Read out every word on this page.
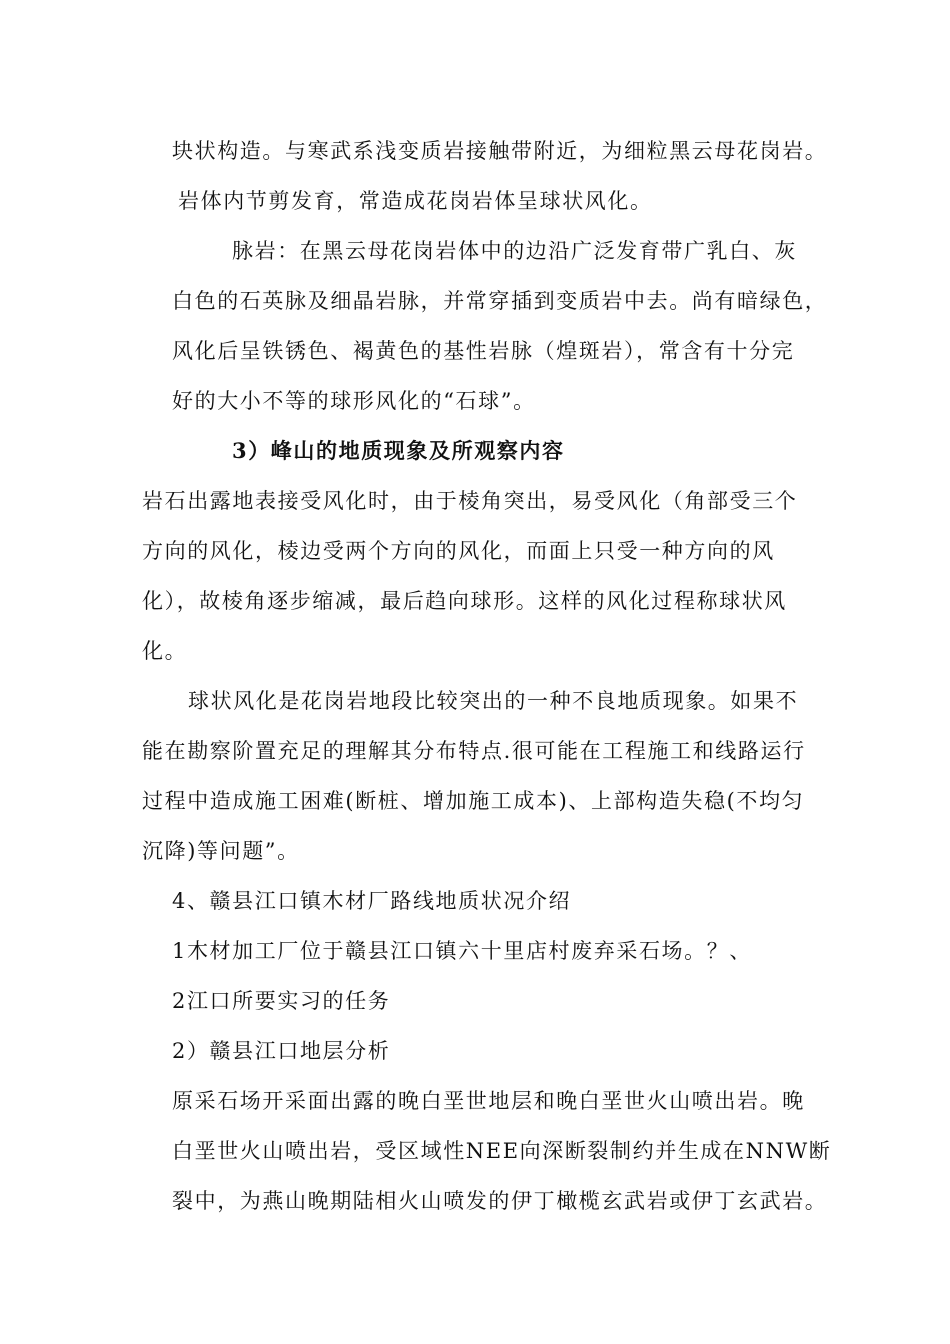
块状构造。与寒武系浅变质岩接触带附近，为细粒黑云母花岗岩。
岩体内节剪发育，常造成花岗岩体呈球状风化。
脉岩：在黑云母花岗岩体中的边沿广泛发育带广乳白、灰
白色的石英脉及细晶岩脉，并常穿插到变质岩中去。尚有暗绿色，
风化后呈铁锈色、褐黄色的基性岩脉（煌斑岩），常含有十分完
好的大小不等的球形风化的“石球”。
3）峰山的地质现象及所观察内容
岩石出露地表接受风化时，由于棱角突出，易受风化（角部受三个
方向的风化，棱边受两个方向的风化，而面上只受一种方向的风
化），故棱角逐步缩减，最后趋向球形。这样的风化过程称球状风
化。
球状风化是花岗岩地段比较突出的一种不良地质现象。如果不
能在勘察阶置充足的理解其分布特点.很可能在工程施工和线路运行
过程中造成施工困难(断桩、增加施工成本)、上部构造失稳(不均匀
沉降)等问题”。
4、赣县江口镇木材厂路线地质状况介绍
1木材加工厂位于赣县江口镇六十里店村废弃采石场。？、
2江口所要实习的任务
2）赣县江口地层分析
原采石场开采面出露的晚白垩世地层和晚白垩世火山喷出岩。晚
白垩世火山喷出岩，受区域性NEE向深断裂制约并生成在NNW断
裂中，为燕山晚期陆相火山喷发的伊丁橄榄玄武岩或伊丁玄武岩。
